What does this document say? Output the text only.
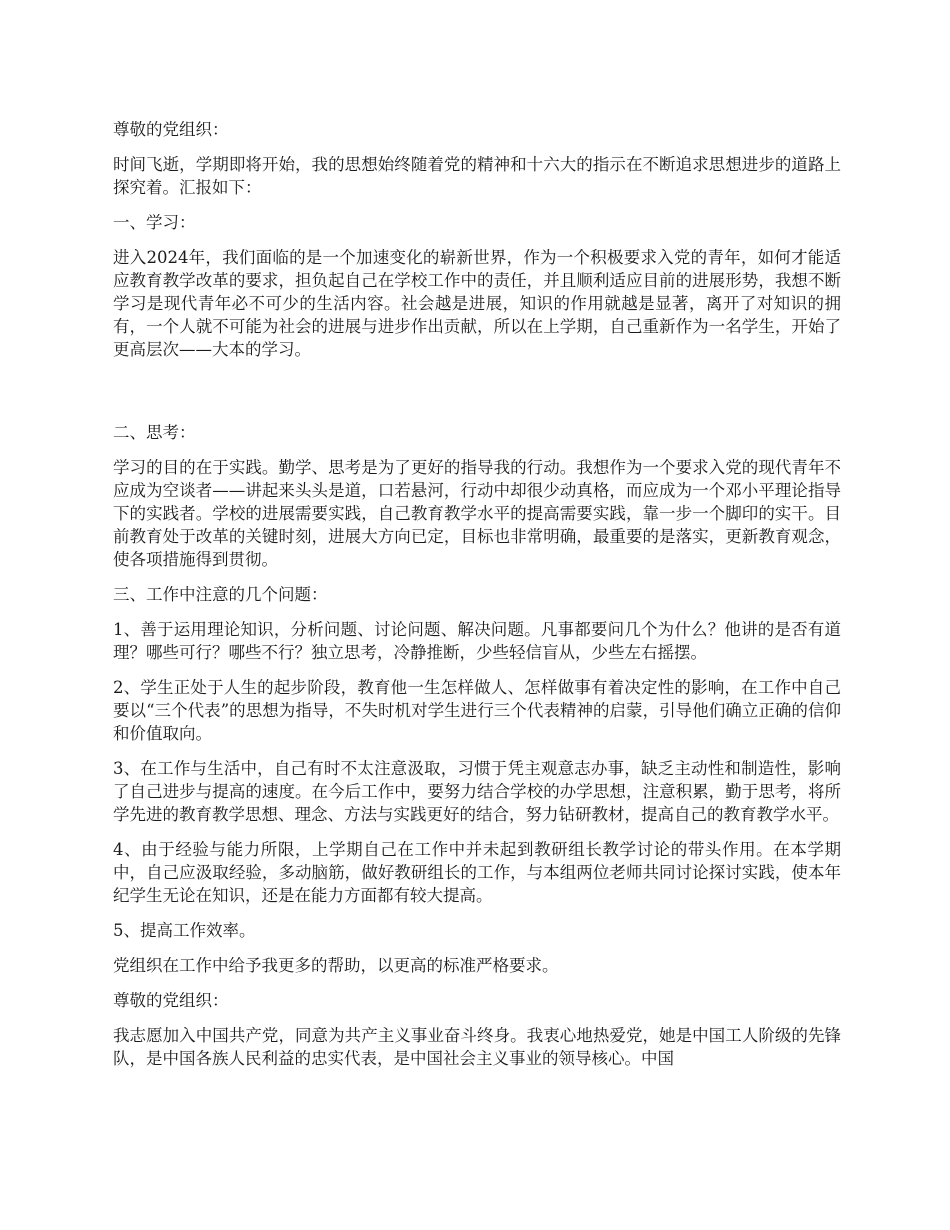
尊敬的党组织：

时间飞逝，学期即将开始，我的思想始终随着党的精神和十六大的指示在不断追求思想进步的道路上探究着。汇报如下：

一、学习：

进入2024年，我们面临的是一个加速变化的崭新世界，作为一个积极要求入党的青年，如何才能适应教育教学改革的要求，担负起自己在学校工作中的责任，并且顺利适应目前的进展形势，我想不断学习是现代青年必不可少的生活内容。社会越是进展，知识的作用就越是显著，离开了对知识的拥有，一个人就不可能为社会的进展与进步作出贡献，所以在上学期，自己重新作为一名学生，开始了更高层次——大本的学习。

二、思考：

学习的目的在于实践。勤学、思考是为了更好的指导我的行动。我想作为一个要求入党的现代青年不应成为空谈者——讲起来头头是道，口若悬河，行动中却很少动真格，而应成为一个邓小平理论指导下的实践者。学校的进展需要实践，自己教育教学水平的提高需要实践，靠一步一个脚印的实干。目前教育处于改革的关键时刻，进展大方向已定，目标也非常明确，最重要的是落实，更新教育观念，使各项措施得到贯彻。

三、工作中注意的几个问题：

1、善于运用理论知识，分析问题、讨论问题、解决问题。凡事都要问几个为什么？他讲的是否有道理？哪些可行？哪些不行？独立思考，冷静推断，少些轻信盲从，少些左右摇摆。

2、学生正处于人生的起步阶段，教育他一生怎样做人、怎样做事有着决定性的影响，在工作中自己要以“三个代表”的思想为指导，不失时机对学生进行三个代表精神的启蒙，引导他们确立正确的信仰和价值取向。

3、在工作与生活中，自己有时不太注意汲取，习惯于凭主观意志办事，缺乏主动性和制造性，影响了自己进步与提高的速度。在今后工作中，要努力结合学校的办学思想，注意积累，勤于思考，将所学先进的教育教学思想、理念、方法与实践更好的结合，努力钻研教材，提高自己的教育教学水平。

4、由于经验与能力所限，上学期自己在工作中并未起到教研组长教学讨论的带头作用。在本学期中，自己应汲取经验，多动脑筋，做好教研组长的工作，与本组两位老师共同讨论探讨实践，使本年纪学生无论在知识，还是在能力方面都有较大提高。

5、提高工作效率。

党组织在工作中给予我更多的帮助，以更高的标准严格要求。

尊敬的党组织：

我志愿加入中国共产党，同意为共产主义事业奋斗终身。我衷心地热爱党，她是中国工人阶级的先锋队，是中国各族人民利益的忠实代表，是中国社会主义事业的领导核心。中国
